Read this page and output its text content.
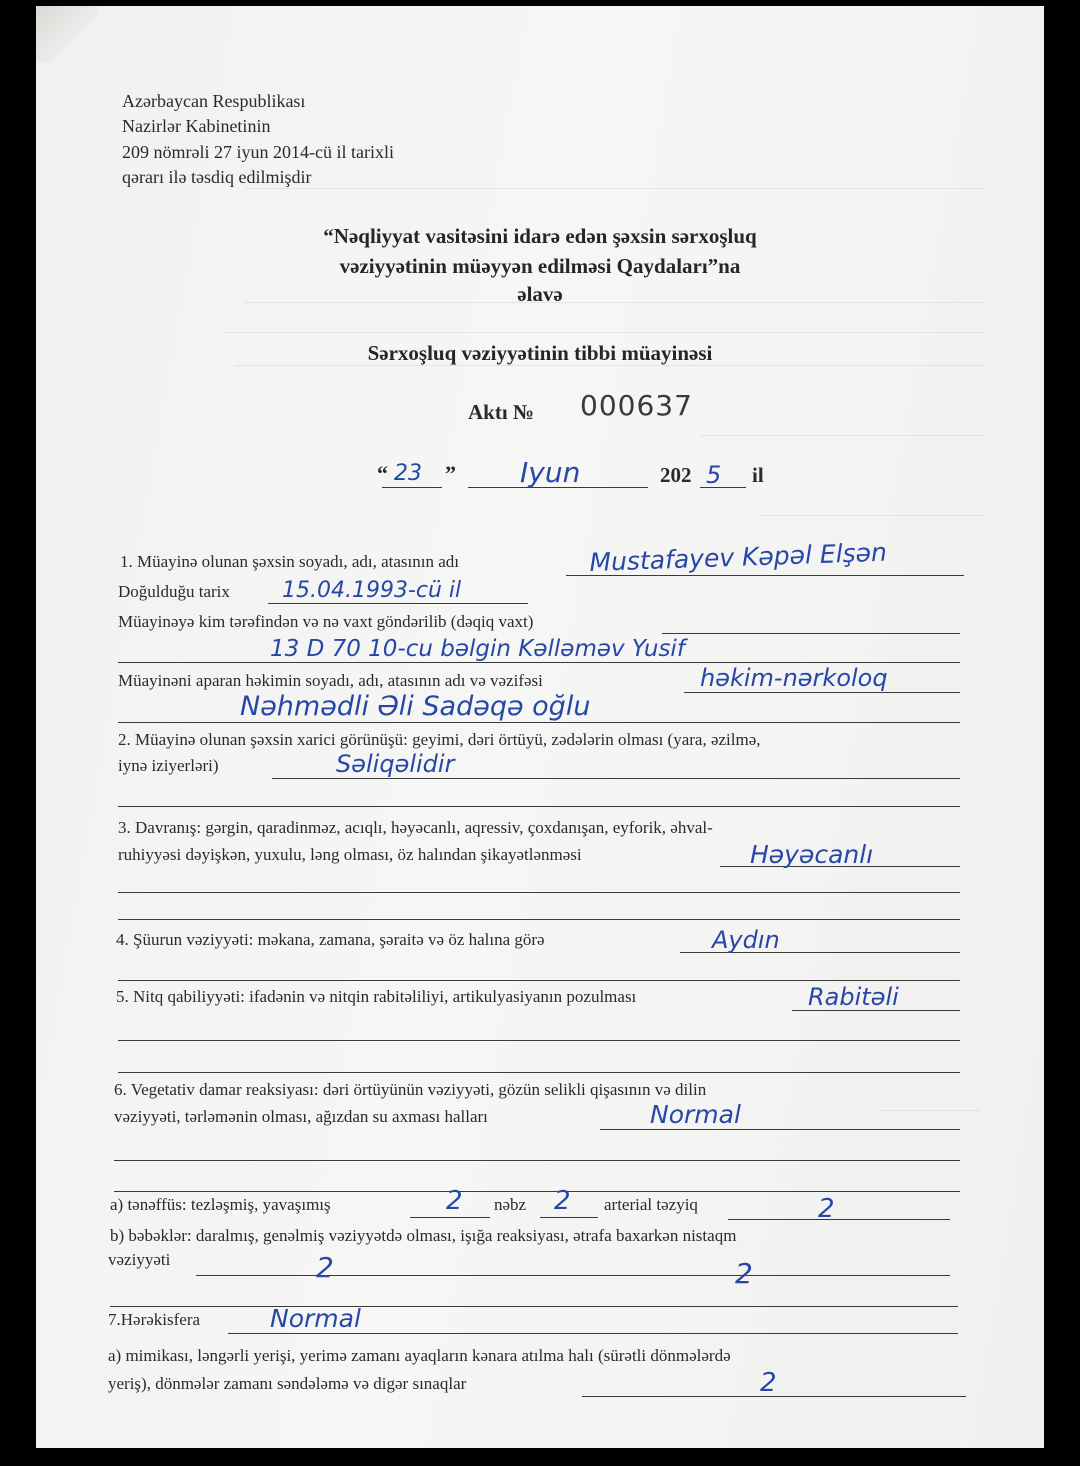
Azərbaycan Respublikası
Nazirlər Kabinetinin
209 nömrəli 27 iyun 2014-cü il tarixli
qərarı ilə təsdiq edilmişdir
“Nəqliyyat vasitəsini idarə edən şəxsin sərxoşluq
vəziyyətinin müəyyən edilməsi Qaydaları”na
əlavə
Sərxoşluq vəziyyətinin tibbi müayinəsi
Aktı № 000637
“ 23 ” Iyun	202 5 il
1. Müayinə olunan şəxsin soyadı, adı, atasının adı	Mustafayev Kəpəl Elşən
Doğulduğu tarix 15.04.1993-cü il
Müayinəyə kim tərəfindən və nə vaxt göndərilib (dəqiq vaxt)
13 D 70 10-cu bəlgin Kəlləməv Yusif
Müayinəni aparan həkimin soyadı, adı, atasının adı və vəzifəsi	həkim-nərkoloq
Nəhmədli Əli Sadəqə oğlu
2. Müayinə olunan şəxsin xarici görünüşü: geyimi, dəri örtüyü, zədələrin olması (yara, əzilmə,
iynə iziyerləri)	Səliqəlidir
3. Davranış: gərgin, qaradinməz, acıqlı, həyəcanlı, aqressiv, çoxdanışan, eyforik, əhval-
ruhiyyəsi dəyişkən, yuxulu, ləng olması, öz halından şikayətlənməsi	Həyəcanlı
4. Şüurun vəziyyəti: məkana, zamana, şəraitə və öz halına görə	Aydın
5. Nitq qabiliyyəti: ifadənin və nitqin rabitəliliyi, artikulyasiyanın pozulması	Rabitəli
6. Vegetativ damar reaksiyası: dəri örtüyünün vəziyyəti, gözün selikli qişasının və dilin
vəziyyəti, tərləmənin olması, ağızdan su axması halları	Normal
a) tənəffüs: tezləşmiş, yavaşımış	2 nəbz 2 arterial təzyiq	2
b) bəbəklər: daralmış, genəlmiş vəziyyətdə olması, işığa reaksiyası, ətrafa baxarkən nistaqm
vəziyyəti	2	2
7.Hərəkisfera	Normal
a) mimikası, ləngərli yerişi, yerimə zamanı ayaqların kənara atılma halı (sürətli dönmələrdə
yeriş), dönmələr zamanı səndələmə və digər sınaqlar	2
